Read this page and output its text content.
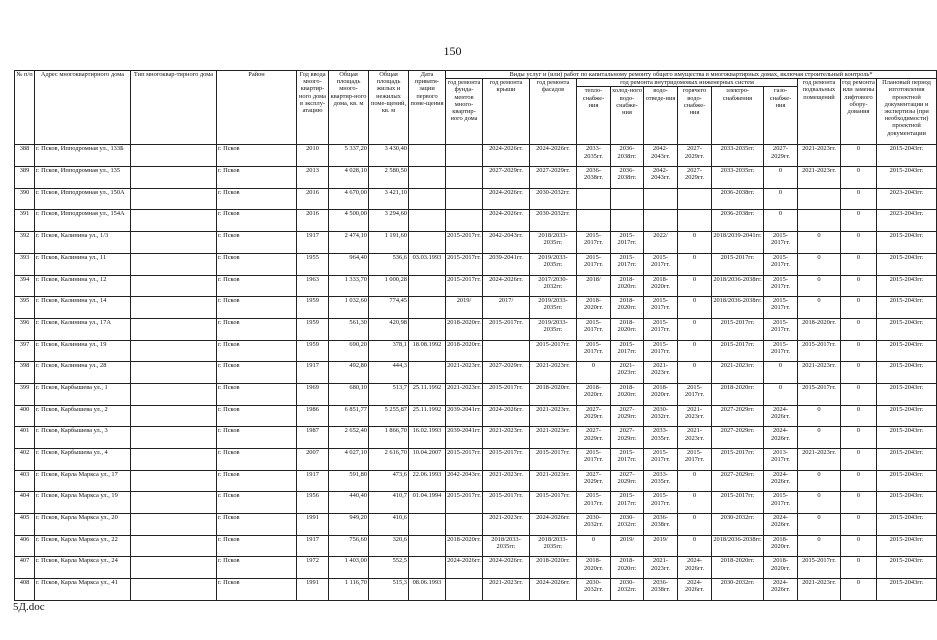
150
№ п/п	Адрес многоквартирного дома	Тип многоквар-тирного дома	Район	Год ввода много-квартир-ного дома в эксплу-атацию	Общая площадь много-квартир-ного дома, кв. м	Общая площадь жилых и нежилых поме-щений, кв. м	Дата привати-зации первого поме-щения	Виды услуг и (или) работ по капитальному ремонту общего имущества в многоквартирных домах, включая строительный контроль*											
								год ремонта фунда-ментов много-квартир-ного дома	год ремонта крыши	год ремонта фасадов	год ремонта внутридомовых инженерных систем						год ремонта подвальных помещений	год ремонта или замены лифтового обору-дования	Плановый период изготовления проектной документации и экспертизы (при необходимости) проектной документации
											тепло-снабже-ния	холод-ного водо-снабже-ния	водо-отведе-ния	горячего водо-снабже-ния	электро-снабжения	газо-снабже-ния			
388	г. Псков, Ипподромная ул., 133Б		г. Псков	2010	5 337,20	3 430,40			2024-2026гг.	2024-2026гг.	2033-2035гг.	2036-2038гг.	2042-2043гг.	2027-2029гг.	2033-2035гг.	2027-2029гг.	2021-2023гг.	0	2015-2043гг.
389	г. Псков, Ипподромная ул., 135		г. Псков	2013	4 028,10	2 580,50			2027-2029гг.	2027-2029гг.	2036-2038гг.	2036-2038гг.	2042-2043гг.	2027-2029гг.	2033-2035гг.	0	2021-2023гг.	0	2015-2043гг.
390	г. Псков, Ипподромная ул., 150А		г. Псков	2016	4 670,00	3 421,10			2024-2026гг.	2030-2032гг.					2036-2038гг.	0		0	2023-2043гг.
391	г. Псков, Ипподромная ул., 154А		г. Псков	2016	4 500,00	3 294,60			2024-2026гг.	2030-2032гг.					2036-2038гг.	0		0	2023-2043гг.
392	г. Псков, Калинина ул., 1/3		г. Псков	1917	2 474,10	1 191,60		2015-2017гг.	2042-2043гг.	2018/2033-2035гг.	2015-2017гг.	2015-2017гг.	2022/	0	2018/2039-2041гг.	2015-2017гг.	0	0	2015-2043гг.
393	г. Псков, Калинина ул., 11		г. Псков	1955	964,40	536,6	03.03.1993	2015-2017гг.	2039-2041гг.	2019/2033-2035гг.	2015-2017гг.	2015-2017гг.	2015-2017гг.	0	2015-2017гг.	2015-2017гг.	0	0	2015-2043гг.
394	г. Псков, Калинина ул., 12		г. Псков	1963	1 333,70	1 000,28		2015-2017гг.	2024-2026гг.	2017/2030-2032гг.	2018/	2018-2020гг.	2018-2020гг.	0	2018/2036-2038гг.	2015-2017гг.	0	0	2015-2043гг.
395	г. Псков, Калинина ул., 14		г. Псков	1959	1 032,60	774,45		2019/	2017/	2019/2033-2035гг.	2018-2020гг.	2018-2020гг.	2015-2017гг.	0	2018/2036-2038гг.	2015-2017гг.	0	0	2015-2043гг.
396	г. Псков, Калинина ул., 17А		г. Псков	1959	561,30	420,98		2018-2020гг.	2015-2017гг.	2019/2033-2035гг.	2015-2017гг.	2018-2020гг.	2015-2017гг.	0	2015-2017гг.	2015-2017гг.	2018-2020гг.	0	2015-2043гг.
397	г. Псков, Калинина ул., 19		г. Псков	1959	690,20	378,1	18.08.1992	2018-2020гг.		2015-2017гг.	2015-2017гг.	2015-2017гг.	2015-2017гг.	0	2015-2017гг.	2015-2017гг.	2015-2017гг.	0	2015-2043гг.
398	г. Псков, Калинина ул., 28		г. Псков	1917	492,80	444,3		2021-2023гг.	2027-2029гг.	2021-2023гг.	0	2021-2023гг.	2021-2023гг.	0	2021-2023гг.	0	2021-2023гг.	0	2015-2043гг.
399	г. Псков, Карбышева ул., 1		г. Псков	1969	680,10	513,7	25.11.1992	2021-2023гг.	2015-2017гг.	2018-2020гг.	2018-2020гг.	2018-2020гг.	2018-2020гг.	2015-2017гг.	2018-2020гг.	0	2015-2017гг.	0	2015-2043гг.
400	г. Псков, Карбышева ул., 2		г. Псков	1986	6 851,77	5 255,87	25.11.1992	2039-2041гг.	2024-2026гг.	2021-2023гг.	2027-2029гг.	2027-2029гг.	2030-2032гг.	2021-2023гг.	2027-2029гг.	2024-2026гг.	0	0	2015-2043гг.
401	г. Псков, Карбышева ул., 3		г. Псков	1987	2 652,40	1 866,70	16.02.1993	2039-2041гг.	2021-2023гг.	2021-2023гг.	2027-2029гг.	2027-2029гг.	2033-2035гг.	2021-2023гг.	2027-2029гг.	2024-2026гг.	0	0	2015-2043гг.
402	г. Псков, Карбышева ул., 4		г. Псков	2007	4 027,10	2 616,70	10.04.2007	2015-2017гг.	2015-2017гг.	2015-2017гг.	2015-2017гг.	2015-2017гг.	2015-2017гг.	2015-2017гг.	2015-2017гг.	2013-2017гг.	2021-2023гг.	0	2015-2043гг.
403	г. Псков, Карла Маркса ул., 17		г. Псков	1917	591,80	473,6	22.06.1993	2042-2043гг.	2021-2023гг.	2021-2023гг.	2027-2029гг.	2027-2029гг.	2033-2035гг.	0	2027-2029гг.	2024-2026гг.	0	0	2015-2043гг.
404	г. Псков, Карла Маркса ул., 19		г. Псков	1956	440,40	410,7	01.04.1994	2015-2017гг.	2015-2017гг.	2015-2017гг.	2015-2017гг.	2015-2017гг.	2015-2017гг.	0	2015-2017гг.	2015-2017гг.	0	0	2015-2043гг.
405	г. Псков, Карла Маркса ул., 20		г. Псков	1991	949,20	410,6			2021-2023гг.	2024-2026гг.	2030-2032гг.	2030-2032гг.	2036-2038гг.	0	2030-2032гг.	2024-2026гг.	0	0	2015-2043гг.
406	г. Псков, Карла Маркса ул., 22		г. Псков	1917	756,60	320,6		2018-2020гг.	2018/2033-2035гг.	2018/2033-2035гг.	0	2019/	2019/	0	2018/2036-2038гг.	2018-2020гг.	0	0	2015-2043гг.
407	г. Псков, Карла Маркса ул., 24		г. Псков	1972	1 403,00	552,5		2024-2026гг.	2024-2026гг.	2018-2020гг.	2018-2020гг.	2018-2020гг.	2021-2023гг.	2024-2026гг.	2018-2020гг.	2018-2020гг.	2015-2017гг.	0	2015-2043гг.
408	г. Псков, Карла Маркса ул., 41		г. Псков	1991	1 116,70	515,3	08.06.1993		2021-2023гг.	2024-2026гг.	2030-2032гг.	2030-2032гг.	2036-2038гг.	2024-2026гг.	2030-2032гг.	2024-2026гг.	2021-2023гг.	0	2015-2043гг.
5Д.doc
